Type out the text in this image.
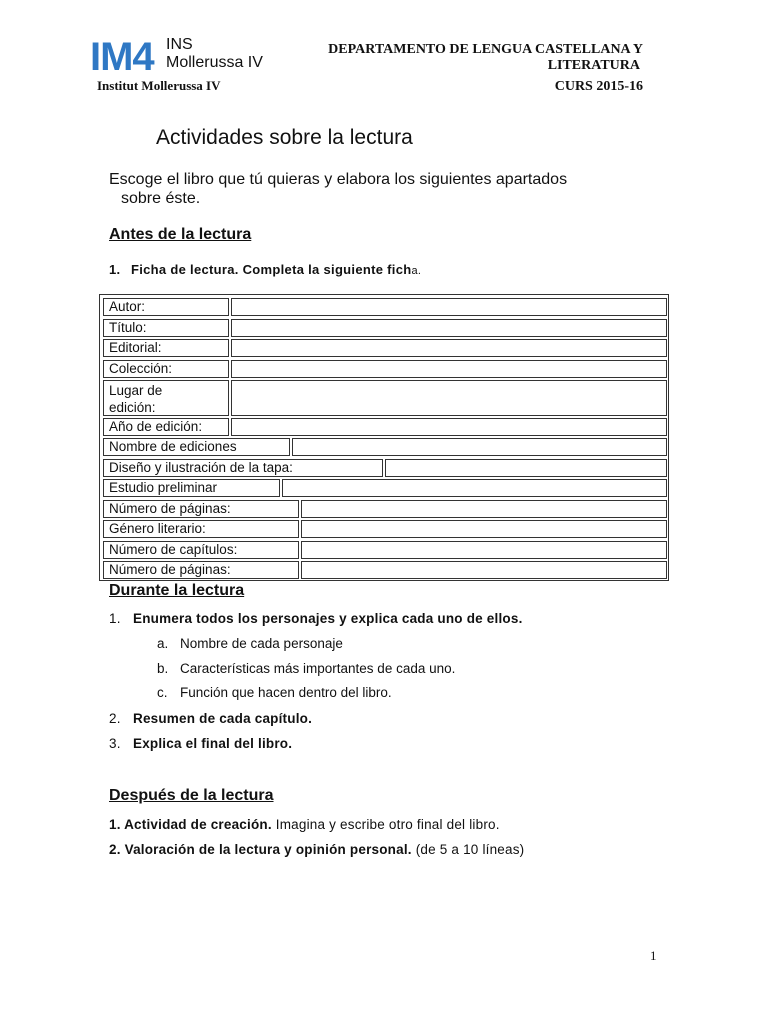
IM4 INS
Mollerussa IV
Institut Mollerussa IV
DEPARTAMENTO DE LENGUA CASTELLANA Y
LITERATURA
CURS 2015-16
Actividades sobre la lectura
Escoge el libro que tú quieras y elabora los siguientes apartados
sobre éste.
Antes de la lectura
1. Ficha de lectura. Completa la siguiente ficha.
Autor:
Título:
Editorial:
Colección:
Lugar de
edición:
Año de edición:
Nombre de ediciones
Diseño y ilustración de la tapa:
Estudio preliminar
Número de páginas:
Género literario:
Número de capítulos:
Número de páginas:
Durante la lectura
1. Enumera todos los personajes y explica cada uno de ellos.
a. Nombre de cada personaje
b. Características más importantes de cada uno.
c. Función que hacen dentro del libro.
2. Resumen de cada capítulo.
3. Explica el final del libro.
Después de la lectura
1. Actividad de creación. Imagina y escribe otro final del libro.
2. Valoración de la lectura y opinión personal. (de 5 a 10 líneas)
1
